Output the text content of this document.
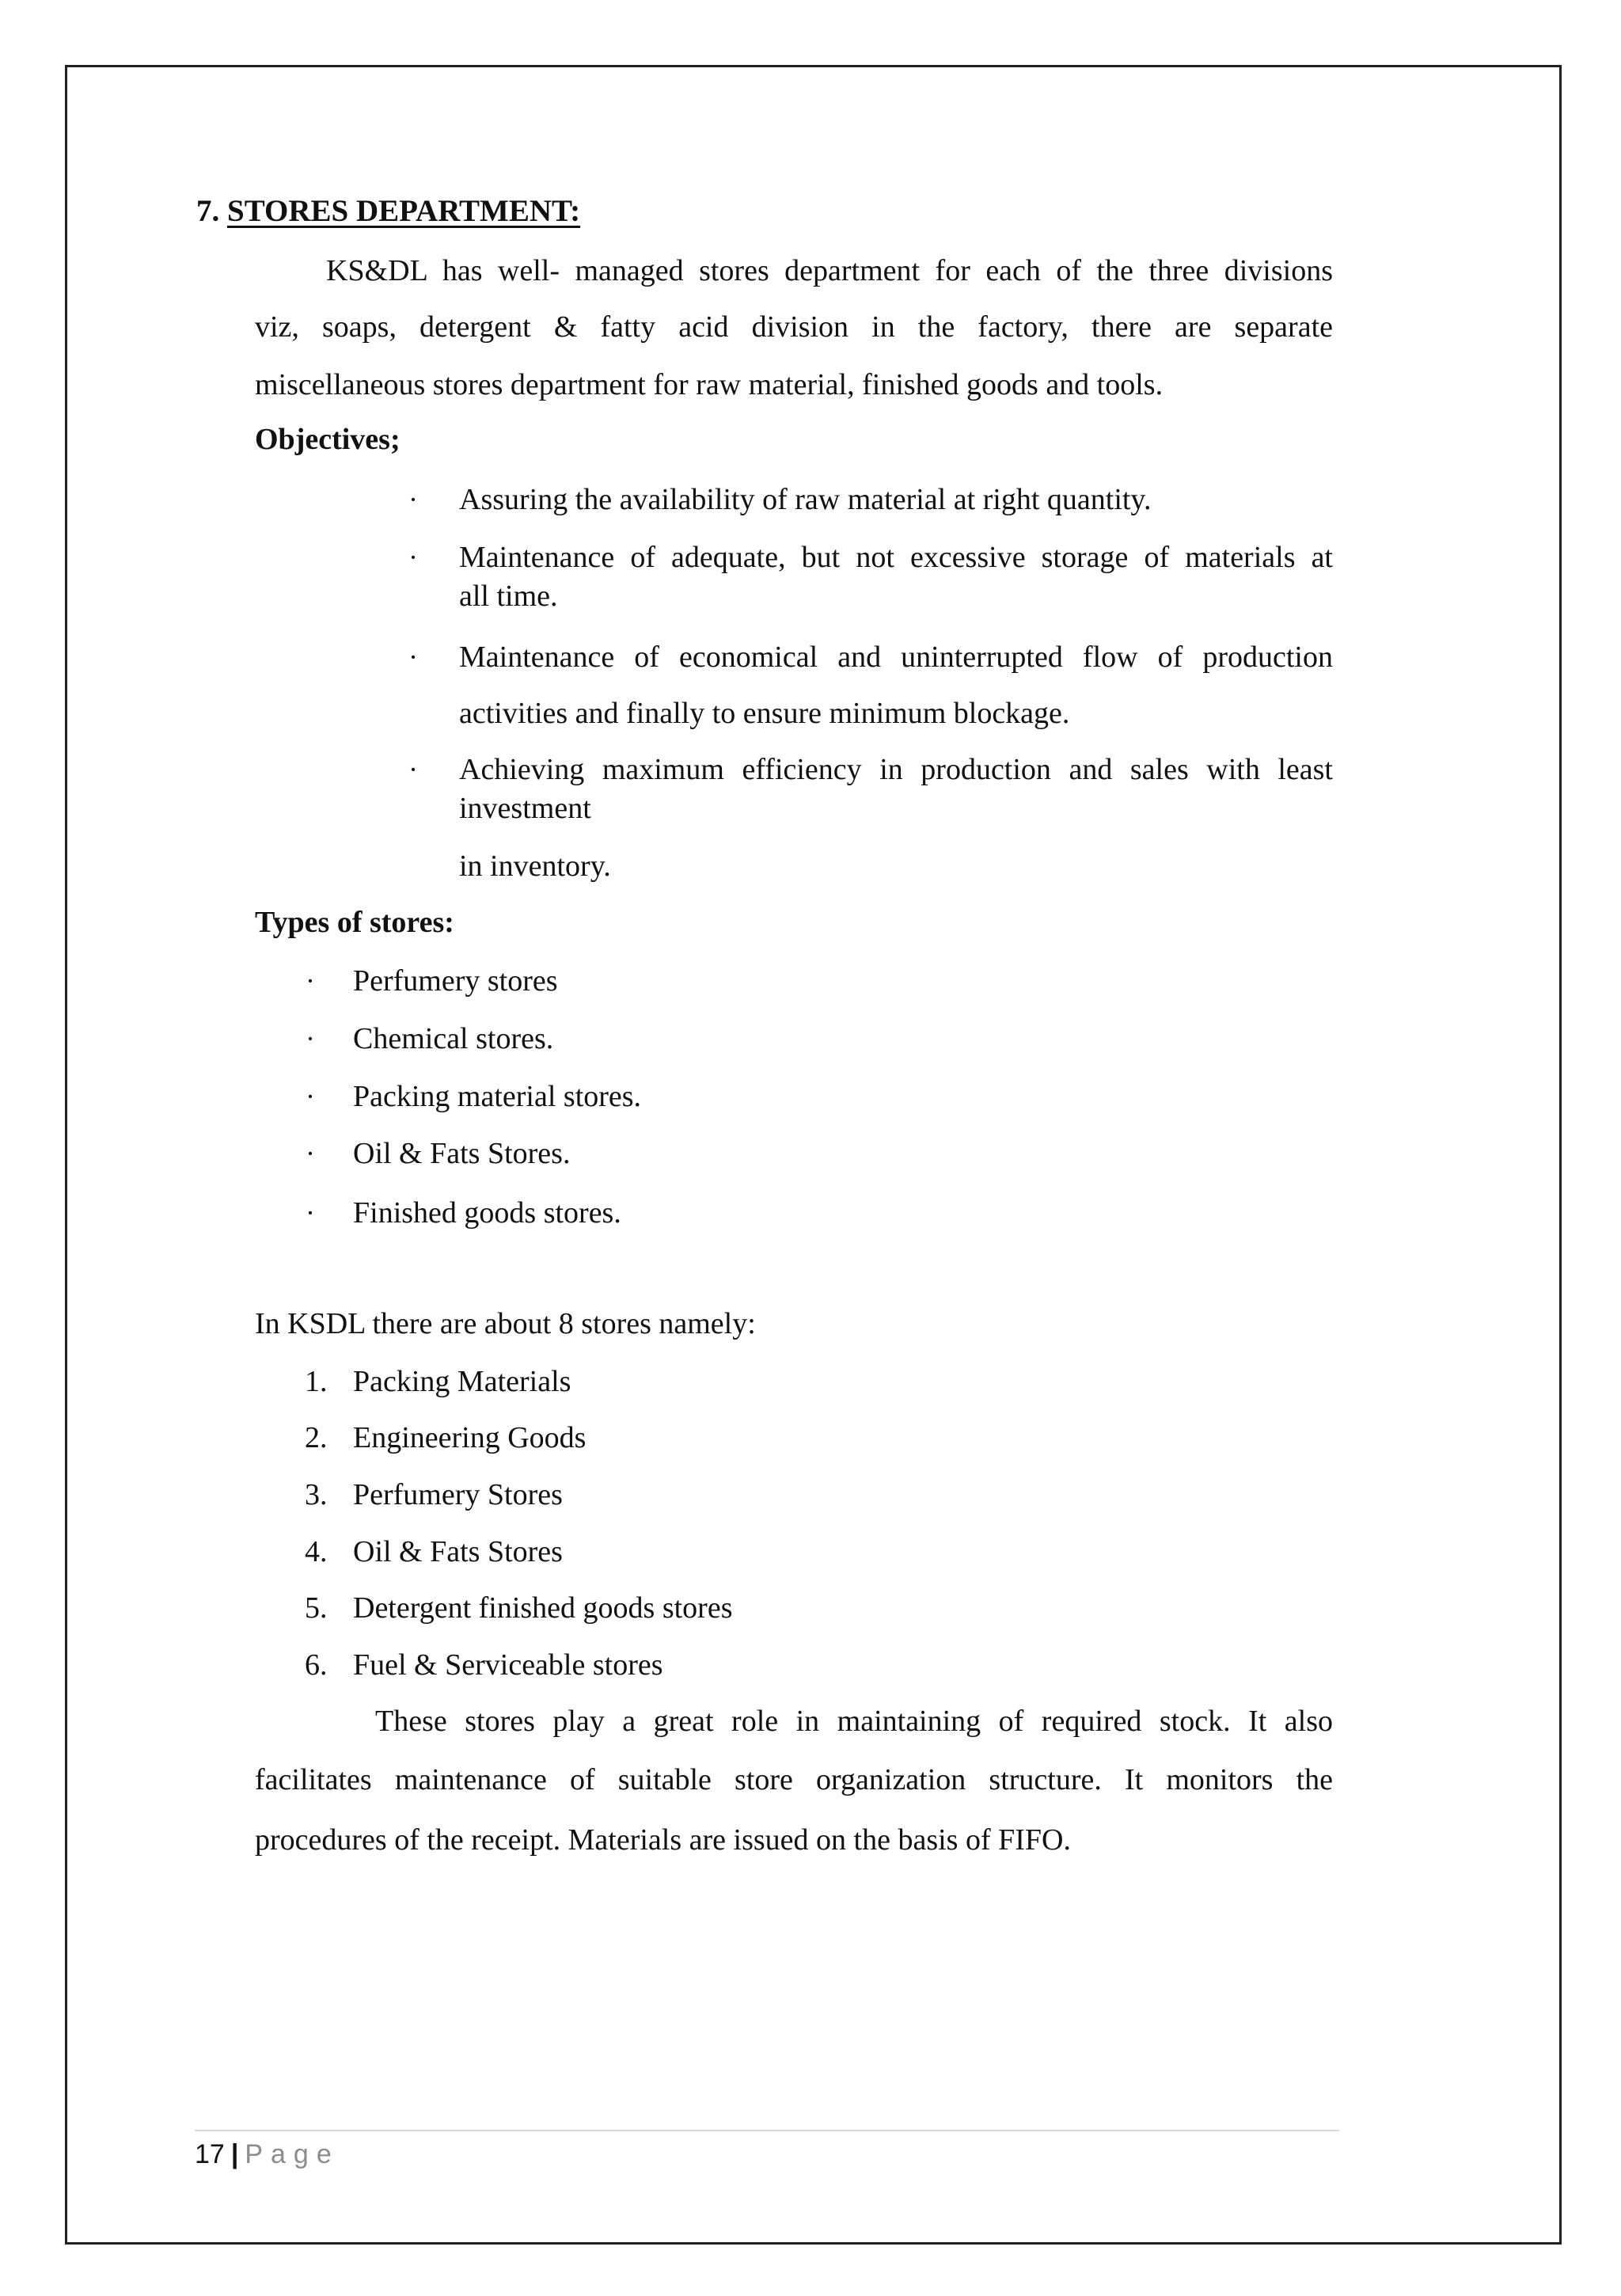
7. STORES DEPARTMENT:
KS&DL has well- managed stores department for each of the three divisions
viz, soaps, detergent & fatty acid division in the factory, there are separate
miscellaneous stores department for raw material, finished goods and tools.
Objectives;
· Assuring the availability of raw material at right quantity.
· Maintenance of adequate, but not excessive storage of materials at
all time.
· Maintenance of economical and uninterrupted flow of production
activities and finally to ensure minimum blockage.
· Achieving maximum efficiency in production and sales with least
investment
in inventory.
Types of stores:
· Perfumery stores
· Chemical stores.
· Packing material stores.
· Oil & Fats Stores.
· Finished goods stores.
In KSDL there are about 8 stores namely:
1. Packing Materials
2. Engineering Goods
3. Perfumery Stores
4. Oil & Fats Stores
5. Detergent finished goods stores
6. Fuel & Serviceable stores
These stores play a great role in maintaining of required stock. It also
facilitates maintenance of suitable store organization structure. It monitors the
procedures of the receipt. Materials are issued on the basis of FIFO.
17 | Page
